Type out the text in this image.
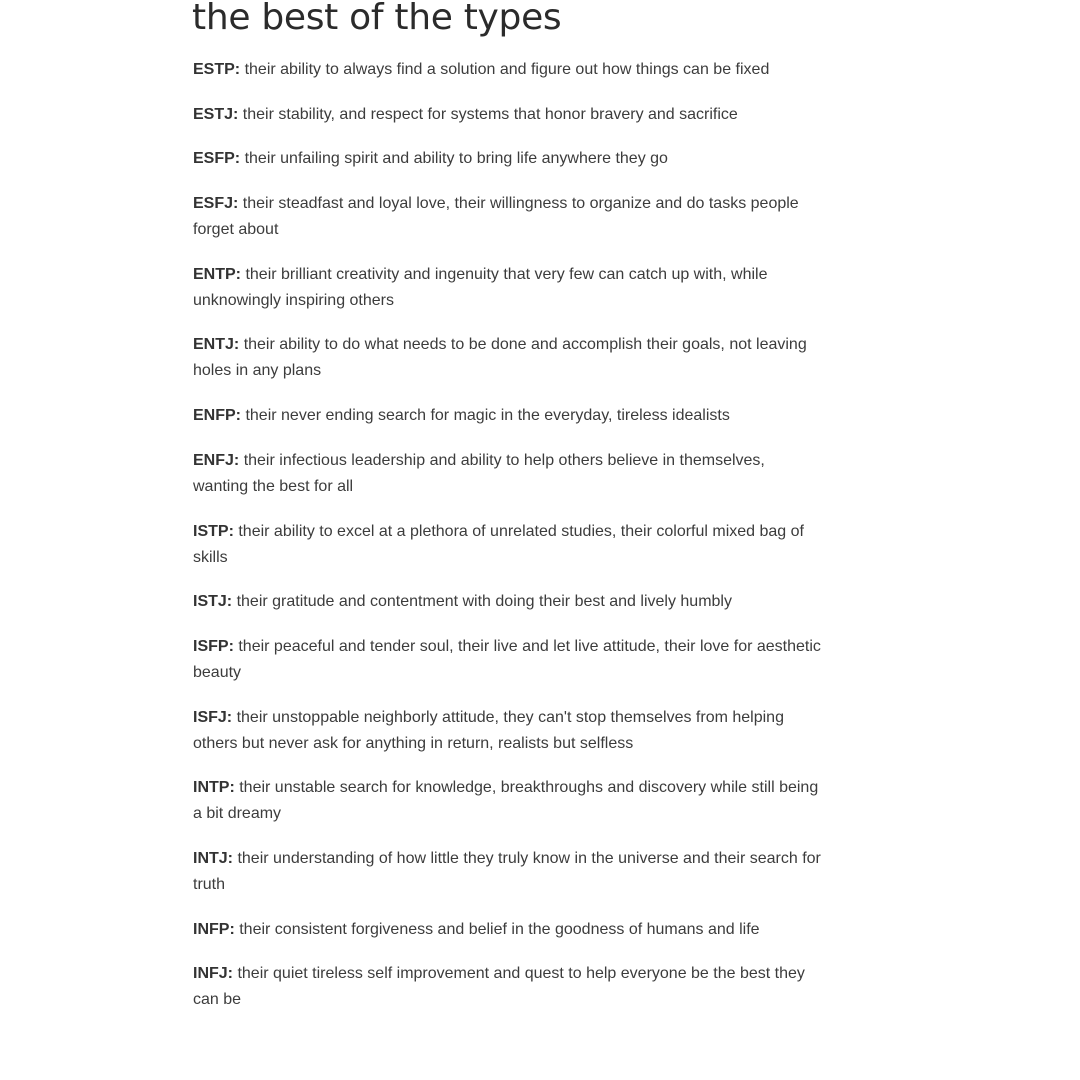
the best of the types
ESTP: their ability to always find a solution and figure out how things can be fixed
ESTJ: their stability, and respect for systems that honor bravery and sacrifice
ESFP: their unfailing spirit and ability to bring life anywhere they go
ESFJ: their steadfast and loyal love, their willingness to organize and do tasks people forget about
ENTP: their brilliant creativity and ingenuity that very few can catch up with, while unknowingly inspiring others
ENTJ: their ability to do what needs to be done and accomplish their goals, not leaving holes in any plans
ENFP: their never ending search for magic in the everyday, tireless idealists
ENFJ: their infectious leadership and ability to help others believe in themselves, wanting the best for all
ISTP: their ability to excel at a plethora of unrelated studies, their colorful mixed bag of skills
ISTJ: their gratitude and contentment with doing their best and lively humbly
ISFP: their peaceful and tender soul, their live and let live attitude, their love for aesthetic beauty
ISFJ: their unstoppable neighborly attitude, they can't stop themselves from helping others but never ask for anything in return, realists but selfless
INTP: their unstable search for knowledge, breakthroughs and discovery while still being a bit dreamy
INTJ: their understanding of how little they truly know in the universe and their search for truth
INFP: their consistent forgiveness and belief in the goodness of humans and life
INFJ: their quiet tireless self improvement and quest to help everyone be the best they can be
